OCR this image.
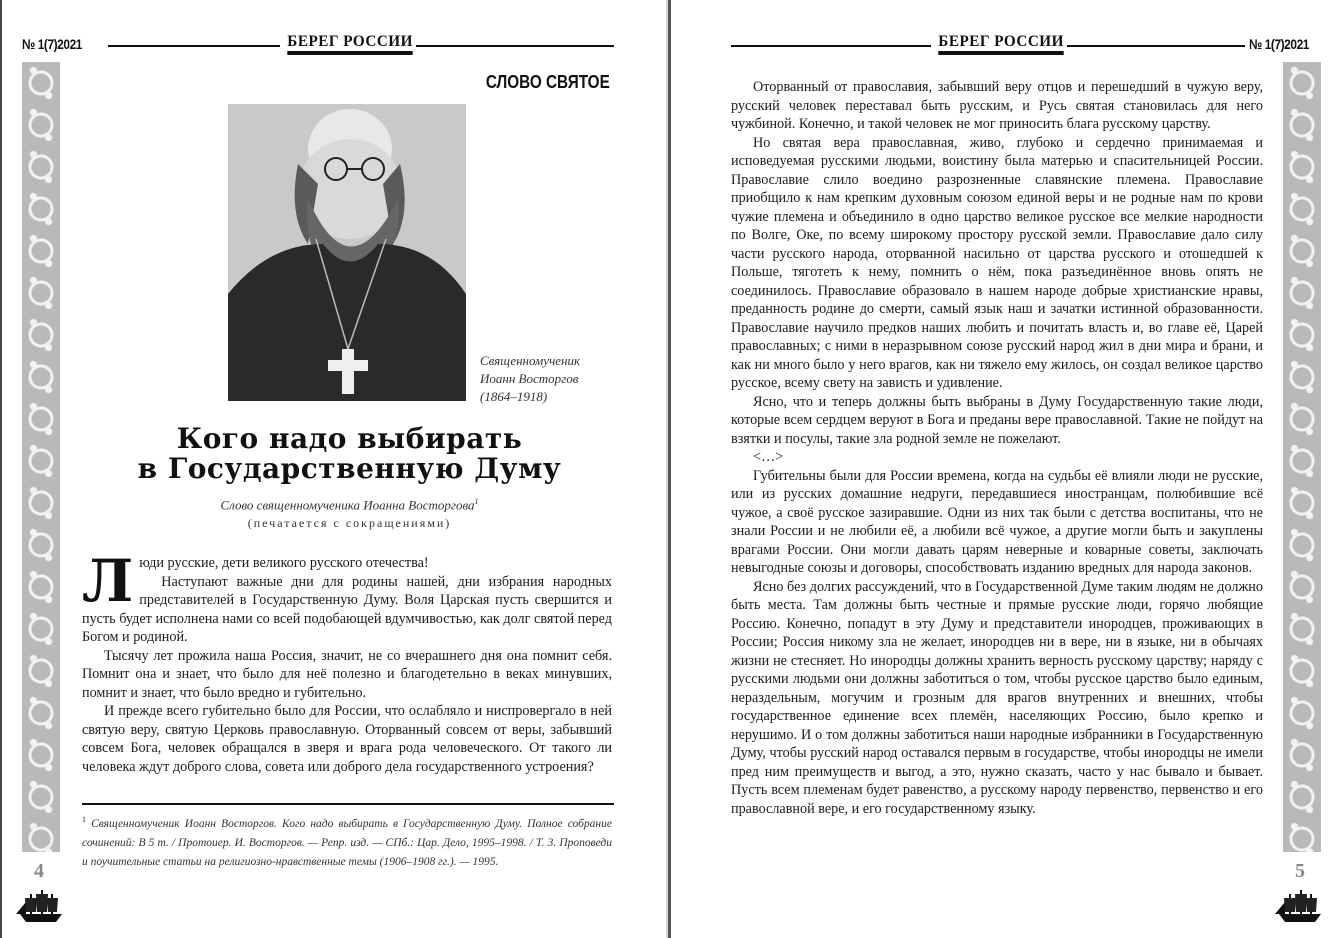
№ 1(7)2021	БЕРЕГ РОССИИ
СЛОВО СВЯТОЕ
Священномученик
Иоанн Восторгов
(1864–1918)
Кого надо выбирать
в Государственную Думу
Слово священномученика Иоанна Восторгова$^1$
(печатается с сокращениями)
Л юди русские, дети великого русского отечества!

Наступают важные дни для родины нашей, дни избрания народных представителей в Государственную Думу. Воля Царская пусть свершится и пусть будет исполнена нами со всей подобающей вдумчивостью, как долг святой перед Богом и родиной.

Тысячу лет прожила наша Россия, значит, не со вчерашнего дня она помнит себя. Помнит она и знает, что было для неё полезно и благодетельно в веках минувших, помнит и знает, что было вредно и губительно.

И прежде всего губительно было для России, что ослабляло и ниспровергало в ней святую веру, святую Церковь православную. Оторванный совсем от веры, забывший совсем Бога, человек обращался в зверя и врага рода человеческого. От такого ли человека ждут доброго слова, совета или доброго дела государственного устроения?

$^1$ Священномученик Иоанн Восторгов. Кого надо выбирать в Государственную Думу. Полное собрание сочинений: В 5 т. / Протоиер. И. Восторгов. — Репр. изд. — СПб.: Цар. Дело, 1995–1998. / Т. 3. Проповеди и поучительные статьи на религиозно-нравственные темы (1906–1908 гг.). — 1995.
4
БЕРЕГ РОССИИ	№ 1(7)2021
5

Оторванный от православия, забывший веру отцов и перешедший в чужую веру, русский человек переставал быть русским, и Русь святая становилась для него чужбиной. Конечно, и такой человек не мог приносить блага русскому царству.

Но святая вера православная, живо, глубоко и сердечно принимаемая и исповедуемая русскими людьми, воистину была матерью и спасительницей России. Православие слило воедино разрозненные славянские племена. Православие приобщило к нам крепким духовным союзом единой веры и не родные нам по крови чужие племена и объединило в одно царство великое русское все мелкие народности по Волге, Оке, по всему широкому простору русской земли. Православие дало силу части русского народа, оторванной насильно от царства русского и отошедшей к Польше, тяготеть к нему, помнить о нём, пока разъединённое вновь опять не соединилось. Православие образовало в нашем народе добрые христианские нравы, преданность родине до смерти, самый язык наш и зачатки истинной образованности. Православие научило предков наших любить и почитать власть и, во главе её, Царей православных; с ними в неразрывном союзе русский народ жил в дни мира и брани, и как ни много было у него врагов, как ни тяжело ему жилось, он создал великое царство русское, всему свету на зависть и удивление.

Ясно, что и теперь должны быть выбраны в Думу Государственную такие люди, которые всем сердцем веруют в Бога и преданы вере православной. Такие не пойдут на взятки и посулы, такие зла родной земле не пожелают.

<…>

Губительны были для России времена, когда на судьбы её влияли люди не русские, или из русских домашние недруги, передавшиеся иностранцам, полюбившие всё чужое, а своё русское зазиравшие. Одни из них так были с детства воспитаны, что не знали России и не любили её, а любили всё чужое, а другие могли быть и закуплены врагами России. Они могли давать царям неверные и коварные советы, заключать невыгодные союзы и договоры, способствовать изданию вредных для народа законов.

Ясно без долгих рассуждений, что в Государственной Думе таким людям не должно быть места. Там должны быть честные и прямые русские люди, горячо любящие Россию. Конечно, попадут в эту Думу и представители инородцев, проживающих в России; Россия никому зла не желает, инородцев ни в вере, ни в языке, ни в обычаях жизни не стесняет. Но инородцы должны хранить верность русскому царству; наряду с русскими людьми они должны заботиться о том, чтобы русское царство было единым, нераздельным, могучим и грозным для врагов внутренних и внешних, чтобы государственное единение всех племён, населяющих Россию, было крепко и нерушимо. И о том должны заботиться наши народные избранники в Государственную Думу, чтобы русский народ оставался первым в государстве, чтобы инородцы не имели пред ним преимуществ и выгод, а это, нужно сказать, часто у нас бывало и бывает. Пусть всем племенам будет равенство, а русскому народу первенство, первенство и его православной вере, и его государственному языку.
